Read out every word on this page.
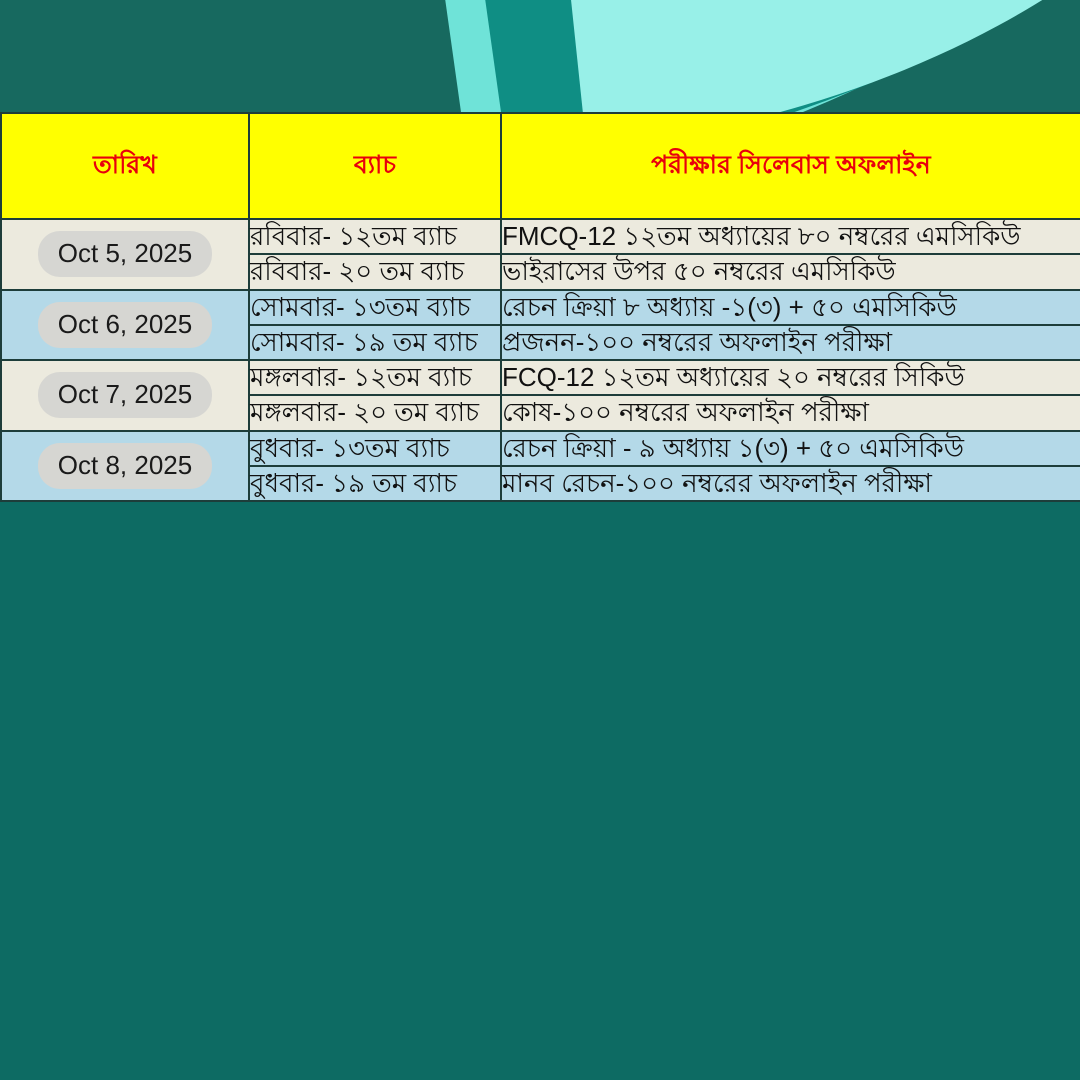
তারিখ	ব্যাচ	পরীক্ষার সিলেবাস অফলাইন
Oct 5, 2025	রবিবার- ১২তম ব্যাচ	FMCQ-12 ১২তম অধ্যায়ের ৮০ নম্বরের এমসিকিউ
	রবিবার- ২০ তম ব্যাচ	ভাইরাসের উপর ৫০ নম্বরের এমসিকিউ
Oct 6, 2025	সোমবার- ১৩তম ব্যাচ	রেচন ক্রিয়া ৮ অধ্যায় -১(৩) + ৫০ এমসিকিউ
	সোমবার- ১৯ তম ব্যাচ	প্রজনন-১০০ নম্বরের অফলাইন পরীক্ষা
Oct 7, 2025	মঙ্গলবার- ১২তম ব্যাচ	FCQ-12 ১২তম অধ্যায়ের ২০ নম্বরের সিকিউ
	মঙ্গলবার- ২০ তম ব্যাচ	কোষ-১০০ নম্বরের অফলাইন পরীক্ষা
Oct 8, 2025	বুধবার- ১৩তম ব্যাচ	রেচন ক্রিয়া - ৯ অধ্যায় ১(৩) + ৫০ এমসিকিউ
	বুধবার- ১৯ তম ব্যাচ	মানব রেচন-১০০ নম্বরের অফলাইন পরীক্ষা
